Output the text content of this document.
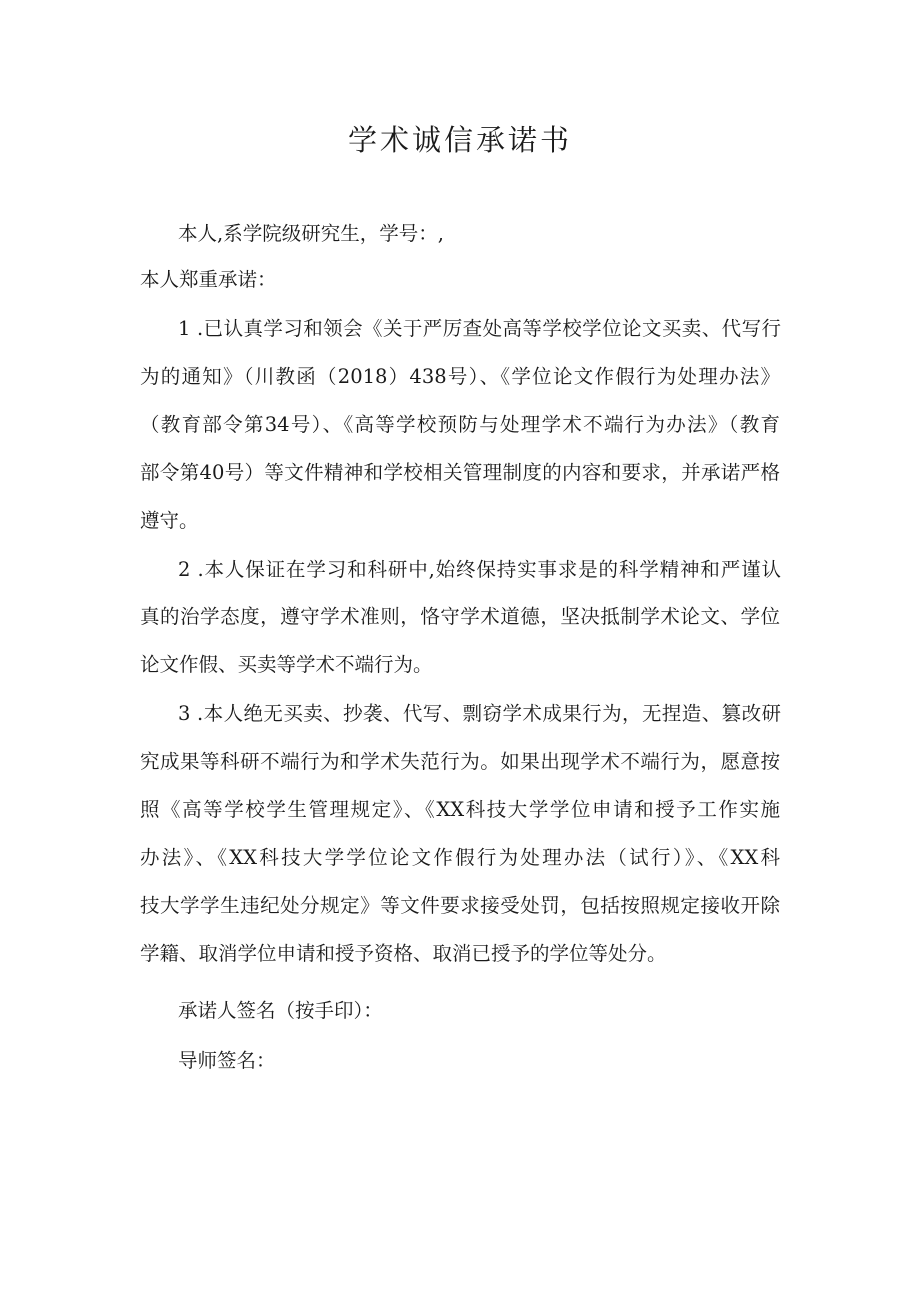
学术诚信承诺书
本人,系学院级研究生，学号：,
本人郑重承诺：
1 .已认真学习和领会《关于严厉查处高等学校学位论文买卖、代写行
为的通知》（川教函（2018）438号）、《学位论文作假行为处理办法》
（教育部令第34号）、《高等学校预防与处理学术不端行为办法》（教育
部令第40号）等文件精神和学校相关管理制度的内容和要求，并承诺严格
遵守。
2 .本人保证在学习和科研中,始终保持实事求是的科学精神和严谨认
真的治学态度，遵守学术准则，恪守学术道德，坚决抵制学术论文、学位
论文作假、买卖等学术不端行为。
3 .本人绝无买卖、抄袭、代写、剽窃学术成果行为，无捏造、篡改研
究成果等科研不端行为和学术失范行为。如果出现学术不端行为，愿意按
照《高等学校学生管理规定》、《XX科技大学学位申请和授予工作实施
办法》、《XX科技大学学位论文作假行为处理办法（试行）》、《XX科
技大学学生违纪处分规定》等文件要求接受处罚，包括按照规定接收开除
学籍、取消学位申请和授予资格、取消已授予的学位等处分。
承诺人签名（按手印）：
导师签名：
